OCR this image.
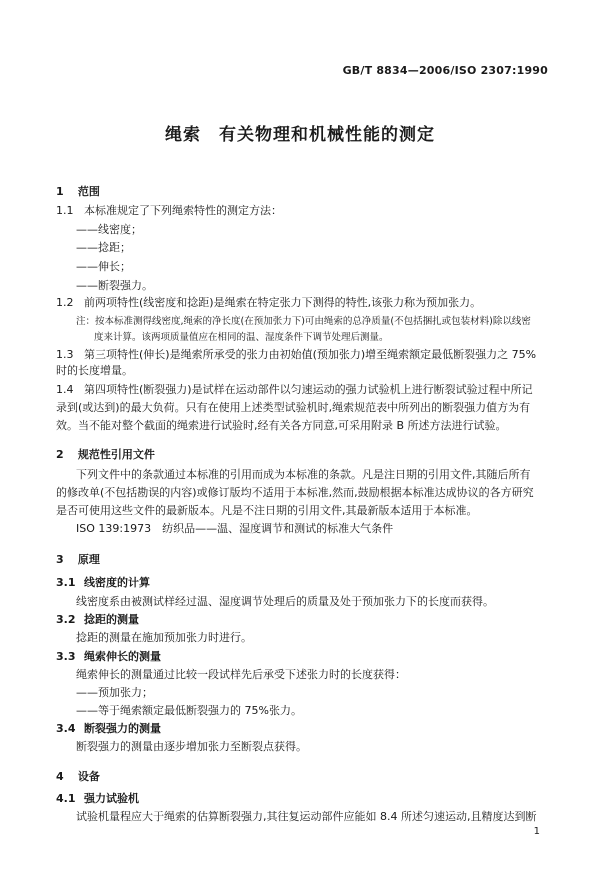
GB/T 8834—2006/ISO 2307:1990
绳索　有关物理和机械性能的测定
1 范围
1.1 本标准规定了下列绳索特性的测定方法：
——线密度；
——捻距；
——伸长；
——断裂强力。
1.2 前两项特性(线密度和捻距)是绳索在特定张力下测得的特性,该张力称为预加张力。
注：按本标准测得线密度,绳索的净长度(在预加张力下)可由绳索的总净质量(不包括捆扎或包装材料)除以线密
度来计算。该两项质量值应在相同的温、湿度条件下调节处理后测量。
1.3 第三项特性(伸长)是绳索所承受的张力由初始值(预加张力)增至绳索额定最低断裂强力之 75%
时的长度增量。
1.4 第四项特性(断裂强力)是试样在运动部件以匀速运动的强力试验机上进行断裂试验过程中所记
录到(或达到)的最大负荷。只有在使用上述类型试验机时,绳索规范表中所列出的断裂强力值方为有
效。当不能对整个截面的绳索进行试验时,经有关各方同意,可采用附录 B 所述方法进行试验。
2 规范性引用文件
下列文件中的条款通过本标准的引用而成为本标准的条款。凡是注日期的引用文件,其随后所有
的修改单(不包括勘误的内容)或修订版均不适用于本标准,然而,鼓励根据本标准达成协议的各方研究
是否可使用这些文件的最新版本。凡是不注日期的引用文件,其最新版本适用于本标准。
ISO 139:1973　纺织品——温、湿度调节和测试的标准大气条件
3 原理
3.1 线密度的计算
线密度系由被测试样经过温、湿度调节处理后的质量及处于预加张力下的长度而获得。
3.2 捻距的测量
捻距的测量在施加预加张力时进行。
3.3 绳索伸长的测量
绳索伸长的测量通过比较一段试样先后承受下述张力时的长度获得：
——预加张力；
——等于绳索额定最低断裂强力的 75%张力。
3.4 断裂强力的测量
断裂强力的测量由逐步增加张力至断裂点获得。
4 设备
4.1 强力试验机
试验机量程应大于绳索的估算断裂强力,其往复运动部件应能如 8.4 所述匀速运动,且精度达到断
1
